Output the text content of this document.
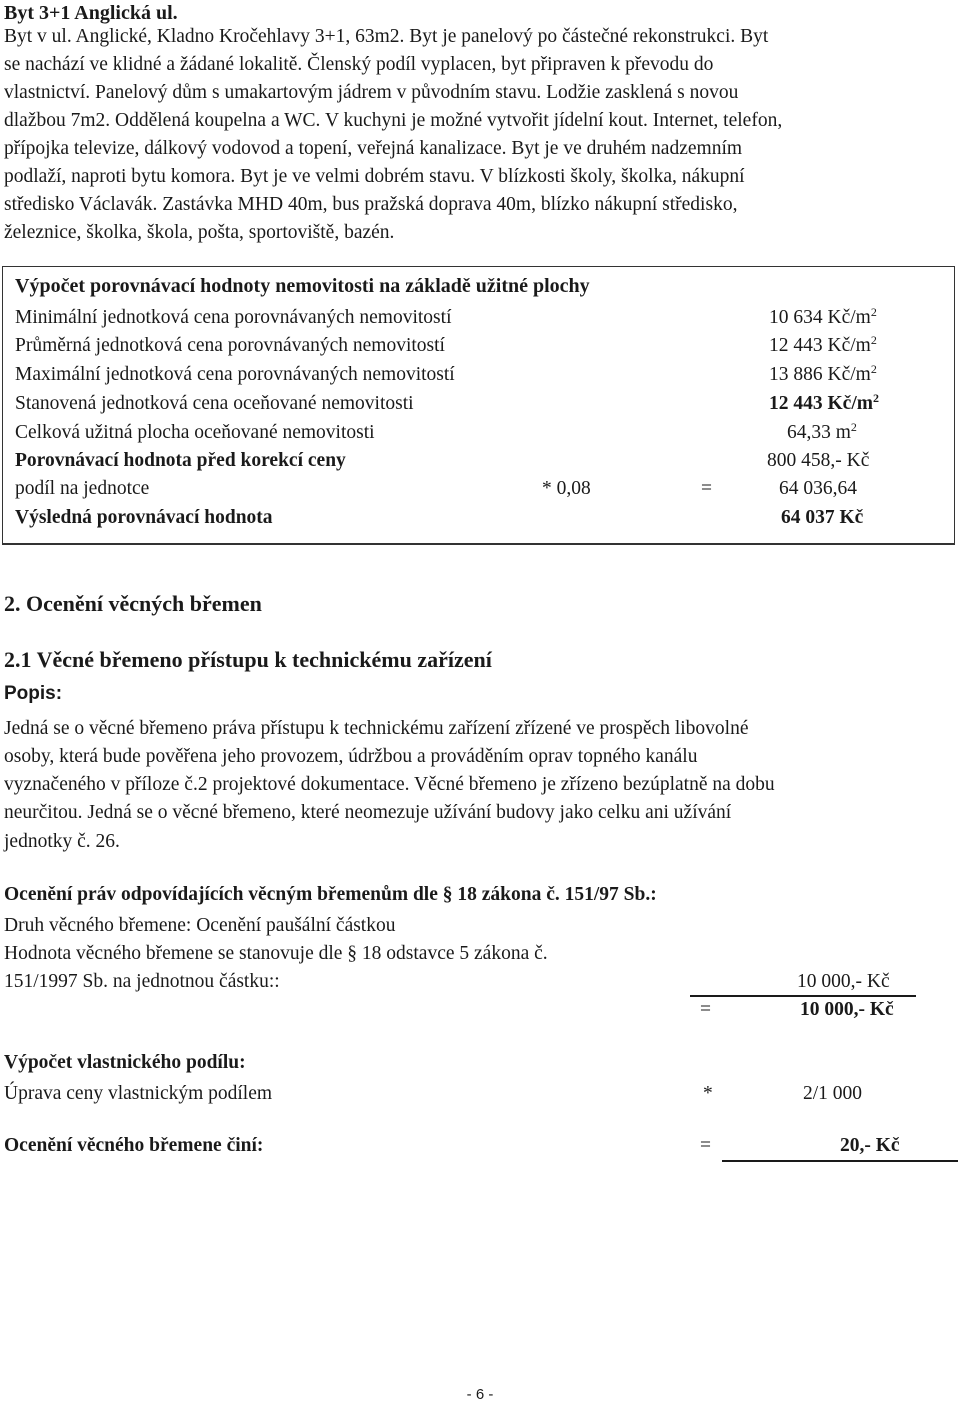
Byt 3+1 Anglická ul.
Byt v ul. Anglické, Kladno Kročehlavy 3+1, 63m2. Byt je panelový po částečné rekonstrukci. Byt
se nachází ve klidné a žádané lokalitě. Členský podíl vyplacen, byt připraven k převodu do
vlastnictví. Panelový dům s umakartovým jádrem v původním stavu. Lodžie zasklená s novou
dlažbou 7m2. Oddělená koupelna a WC. V kuchyni je možné vytvořit jídelní kout. Internet, telefon,
přípojka televize, dálkový vodovod a topení, veřejná kanalizace. Byt je ve druhém nadzemním
podlaží, naproti bytu komora. Byt je ve velmi dobrém stavu. V blízkosti školy, školka, nákupní
středisko Václavák. Zastávka MHD 40m, bus pražská doprava 40m, blízko nákupní středisko,
železnice, školka, škola, pošta, sportoviště, bazén.
Výpočet porovnávací hodnoty nemovitosti na základě užitné plochy
Minimální jednotková cena porovnávaných nemovitostí	10 634 $Kč/m^2$
Průměrná jednotková cena porovnávaných nemovitostí	12 443 $Kč/m^2$
Maximální jednotková cena porovnávaných nemovitostí	13 886 $Kč/m^2$
Stanovená jednotková cena oceňované nemovitosti	12 443 $Kč/m^2$
Celková užitná plocha oceňované nemovitosti	64,33 $m^2$
Porovnávací hodnota před korekcí ceny	800 458,- Kč
podíl na jednotce	* 0,08	=	64 036,64
Výsledná porovnávací hodnota	64 037 Kč
2. Ocenění věcných břemen
2.1 Věcné břemeno přístupu k technickému zařízení
Popis:
Jedná se o věcné břemeno práva přístupu k technickému zařízení zřízené ve prospěch libovolné
osoby, která bude pověřena jeho provozem, údržbou a prováděním oprav topného kanálu
vyznačeného v příloze č.2 projektové dokumentace. Věcné břemeno je zřízeno bezúplatně na dobu
neurčitou. Jedná se o věcné břemeno, které neomezuje užívání budovy jako celku ani užívání
jednotky č. 26.
Ocenění práv odpovídajících věcným břemenům dle § 18 zákona č. 151/97 Sb.:
Druh věcného břemene: Ocenění paušální částkou
Hodnota věcného břemene se stanovuje dle § 18 odstavce 5 zákona č.
151/1997 Sb. na jednotnou částku::	10 000,- Kč
=	10 000,- Kč
Výpočet vlastnického podílu:
Úprava ceny vlastnickým podílem	*	2/1 000
Ocenění věcného břemene činí:	=	20,- Kč
- 6 -
